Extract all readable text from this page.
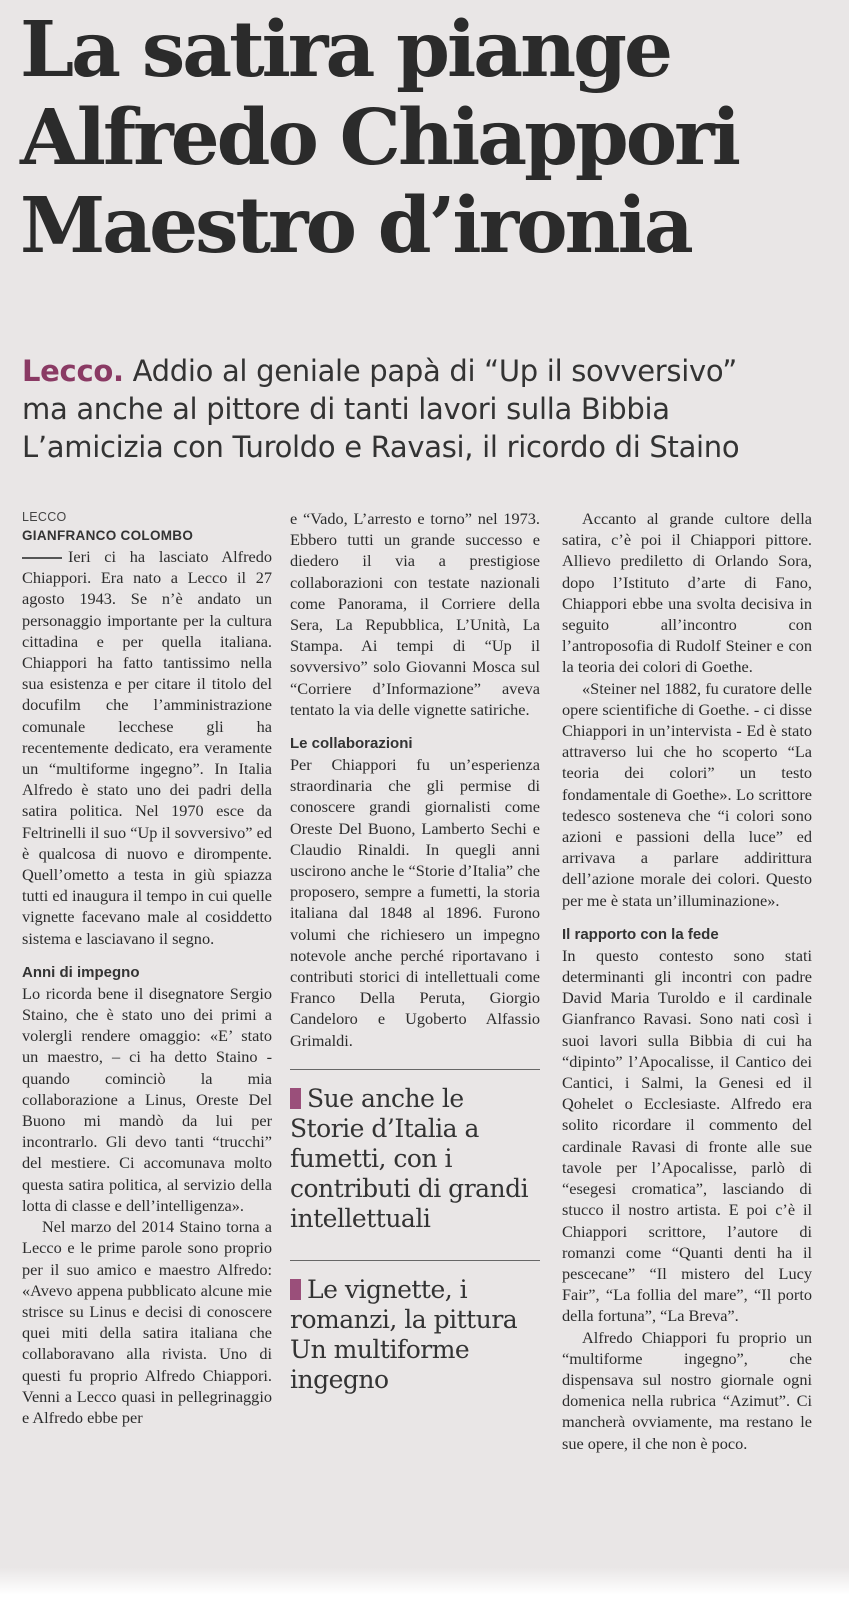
La satira piange
Alfredo Chiappori
Maestro d’ironia
Lecco. Addio al geniale papà di “Up il sovversivo”
ma anche al pittore di tanti lavori sulla Bibbia
L’amicizia con Turoldo e Ravasi, il ricordo di Staino
LECCO
GIANFRANCO COLOMBO

Ieri ci ha lasciato Alfredo Chiappori. Era nato a Lecco il 27 agosto 1943. Se n’è andato un personaggio importante per la cultura cittadina e per quella italiana. Chiappori ha fatto tantissimo nella sua esistenza e per citare il titolo del docufilm che l’amministrazione comunale lecchese gli ha recentemente dedicato, era veramente un “multiforme ingegno”. In Italia Alfredo è stato uno dei padri della satira politica. Nel 1970 esce da Feltrinelli il suo “Up il sovversivo” ed è qualcosa di nuovo e dirompente. Quell’ometto a testa in giù spiazza tutti ed inaugura il tempo in cui quelle vignette facevano male al cosiddetto sistema e lasciavano il segno.

Anni di impegno

Lo ricorda bene il disegnatore Sergio Staino, che è stato uno dei primi a volergli rendere omaggio: «E’ stato un maestro, – ci ha detto Staino - quando cominciò la mia collaborazione a Linus, Oreste Del Buono mi mandò da lui per incontrarlo. Gli devo tanti “trucchi” del mestiere. Ci accomunava molto questa satira politica, al servizio della lotta di classe e dell’intelligenza».

Nel marzo del 2014 Staino torna a Lecco e le prime parole sono proprio per il suo amico e maestro Alfredo: «Avevo appena pubblicato alcune mie strisce su Linus e decisi di conoscere quei miti della satira italiana che collaboravano alla rivista. Uno di questi fu proprio Alfredo Chiappori. Venni a Lecco quasi in pellegrinaggio e Alfredo ebbe per

e “Vado, L’arresto e torno” nel 1973. Ebbero tutti un grande successo e diedero il via a prestigiose collaborazioni con testate nazionali come Panorama, il Corriere della Sera, La Repubblica, L’Unità, La Stampa. Ai tempi di “Up il sovversivo” solo Giovanni Mosca sul “Corriere d’Informazione” aveva tentato la via delle vignette satiriche.

Le collaborazioni

Per Chiappori fu un’esperienza straordinaria che gli permise di conoscere grandi giornalisti come Oreste Del Buono, Lamberto Sechi e Claudio Rinaldi. In quegli anni uscirono anche le “Storie d’Italia” che proposero, sempre a fumetti, la storia italiana dal 1848 al 1896. Furono volumi che richiesero un impegno notevole anche perché riportavano i contributi storici di intellettuali come Franco Della Peruta, Giorgio Candeloro e Ugoberto Alfassio Grimaldi.

Sue anche le Storie d’Italia a fumetti, con i contributi di grandi intellettuali
Le vignette, i romanzi, la pittura Un multiforme ingegno

Accanto al grande cultore della satira, c’è poi il Chiappori pittore. Allievo prediletto di Orlando Sora, dopo l’Istituto d’arte di Fano, Chiappori ebbe una svolta decisiva in seguito all’incontro con l’antroposofia di Rudolf Steiner e con la teoria dei colori di Goethe.

«Steiner nel 1882, fu curatore delle opere scientifiche di Goethe. - ci disse Chiappori in un’intervista - Ed è stato attraverso lui che ho scoperto “La teoria dei colori” un testo fondamentale di Goethe». Lo scrittore tedesco sosteneva che “i colori sono azioni e passioni della luce” ed arrivava a parlare addirittura dell’azione morale dei colori. Questo per me è stata un’illuminazione».

Il rapporto con la fede

In questo contesto sono stati determinanti gli incontri con padre David Maria Turoldo e il cardinale Gianfranco Ravasi. Sono nati così i suoi lavori sulla Bibbia di cui ha “dipinto” l’Apocalisse, il Cantico dei Cantici, i Salmi, la Genesi ed il Qohelet o Ecclesiaste. Alfredo era solito ricordare il commento del cardinale Ravasi di fronte alle sue tavole per l’Apocalisse, parlò di “esegesi cromatica”, lasciando di stucco il nostro artista. E poi c’è il Chiappori scrittore, l’autore di romanzi come “Quanti denti ha il pescecane” “Il mistero del Lucy Fair”, “La follia del mare”, “Il porto della fortuna”, “La Breva”.

Alfredo Chiappori fu proprio un “multiforme ingegno”, che dispensava sul nostro giornale ogni domenica nella rubrica “Azimut”. Ci mancherà ovviamente, ma restano le sue opere, il che non è poco.
